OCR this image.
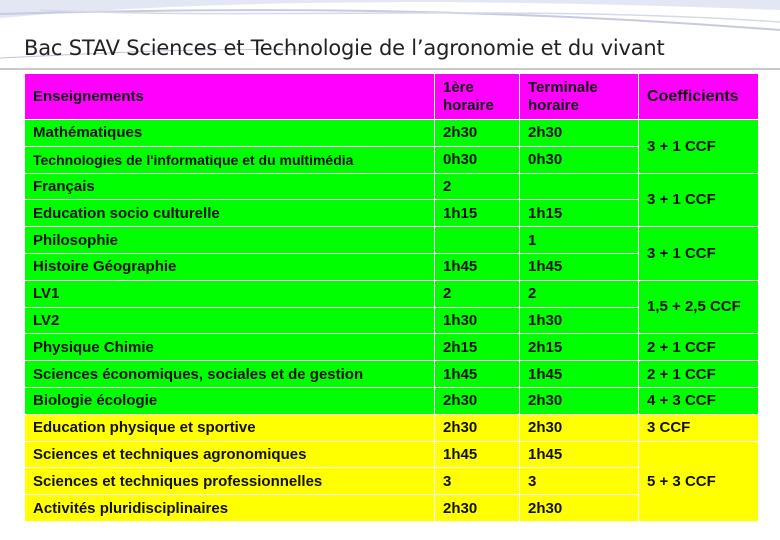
Bac STAV Sciences et Technologie de l’agronomie et du vivant
Enseignements	1ère horaire	Terminale horaire	Coefficients
Mathématiques	2h30	2h30	3 + 1 CCF
Technologies de l'informatique et du multimédia	0h30	0h30	
Français	2		3 + 1 CCF
Education socio culturelle	1h15	1h15	
Philosophie		1	3 + 1 CCF
Histoire Géographie	1h45	1h45	
LV1	2	2	1,5 + 2,5 CCF
LV2	1h30	1h30	
Physique Chimie	2h15	2h15	2 + 1 CCF
Sciences économiques, sociales et de gestion	1h45	1h45	2 + 1 CCF
Biologie écologie	2h30	2h30	4 + 3 CCF
Education physique et sportive	2h30	2h30	3 CCF
Sciences et techniques agronomiques	1h45	1h45	5 + 3 CCF
Sciences et techniques professionnelles	3	3	
Activités pluridisciplinaires	2h30	2h30	
